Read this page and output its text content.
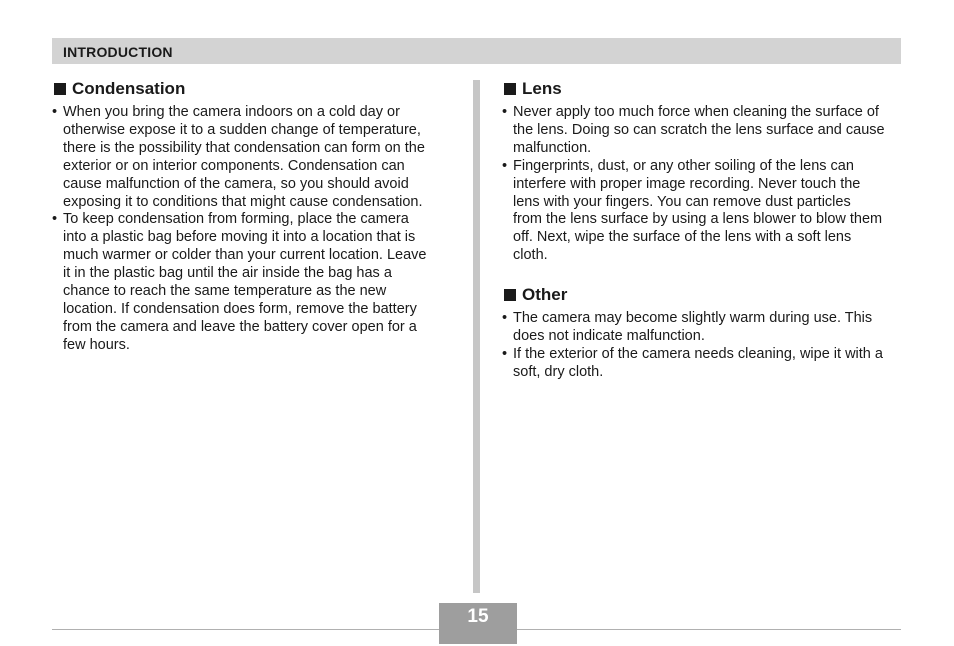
INTRODUCTION
Condensation
• When you bring the camera indoors on a cold day or
otherwise expose it to a sudden change of temperature,
there is the possibility that condensation can form on the
exterior or on interior components. Condensation can
cause malfunction of the camera, so you should avoid
exposing it to conditions that might cause condensation.
• To keep condensation from forming, place the camera
into a plastic bag before moving it into a location that is
much warmer or colder than your current location. Leave
it in the plastic bag until the air inside the bag has a
chance to reach the same temperature as the new
location. If condensation does form, remove the battery
from the camera and leave the battery cover open for a
few hours.
Lens
• Never apply too much force when cleaning the surface of
the lens. Doing so can scratch the lens surface and cause
malfunction.
• Fingerprints, dust, or any other soiling of the lens can
interfere with proper image recording. Never touch the
lens with your fingers. You can remove dust particles
from the lens surface by using a lens blower to blow them
off. Next, wipe the surface of the lens with a soft lens
cloth.
Other
• The camera may become slightly warm during use. This
does not indicate malfunction.
• If the exterior of the camera needs cleaning, wipe it with a
soft, dry cloth.
15
